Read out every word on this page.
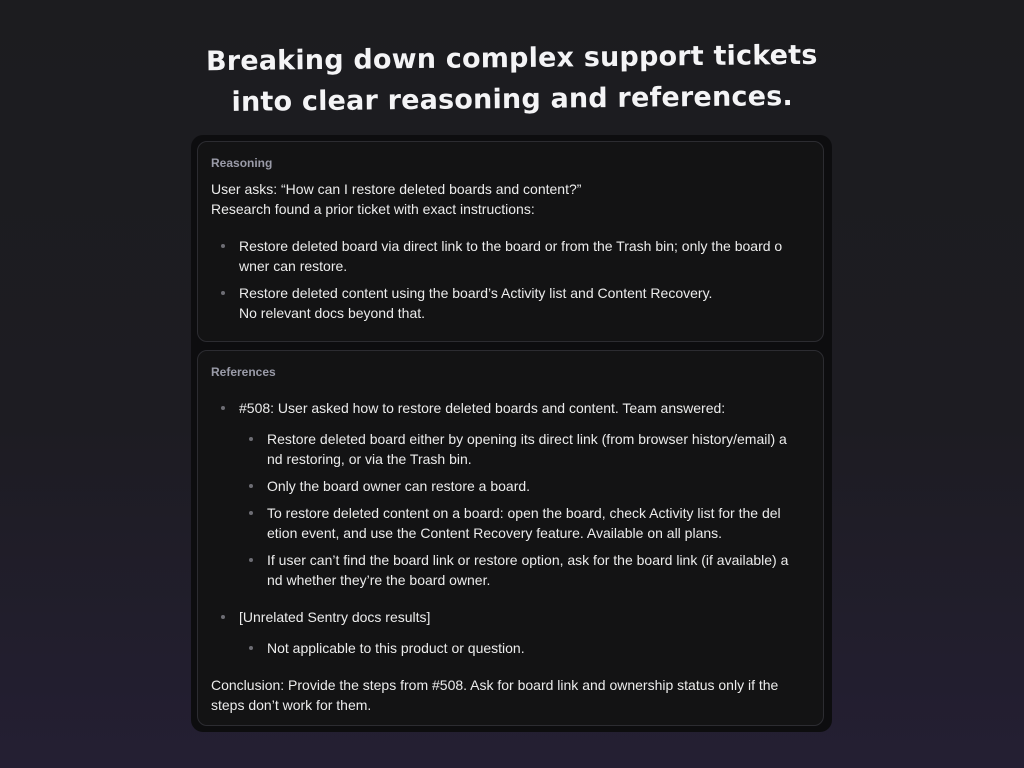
Breaking down complex support tickets
into clear reasoning and references.
Reasoning
User asks: “How can I restore deleted boards and content?”
Research found a prior ticket with exact instructions:
Restore deleted board via direct link to the board or from the Trash bin; only the board o
wner can restore.
Restore deleted content using the board’s Activity list and Content Recovery.
No relevant docs beyond that.
References
#508: User asked how to restore deleted boards and content. Team answered:
Restore deleted board either by opening its direct link (from browser history/email) a
nd restoring, or via the Trash bin.
Only the board owner can restore a board.
To restore deleted content on a board: open the board, check Activity list for the del
etion event, and use the Content Recovery feature. Available on all plans.
If user can’t find the board link or restore option, ask for the board link (if available) a
nd whether they’re the board owner.
[Unrelated Sentry docs results]
Not applicable to this product or question.
Conclusion: Provide the steps from #508. Ask for board link and ownership status only if the
steps don’t work for them.
